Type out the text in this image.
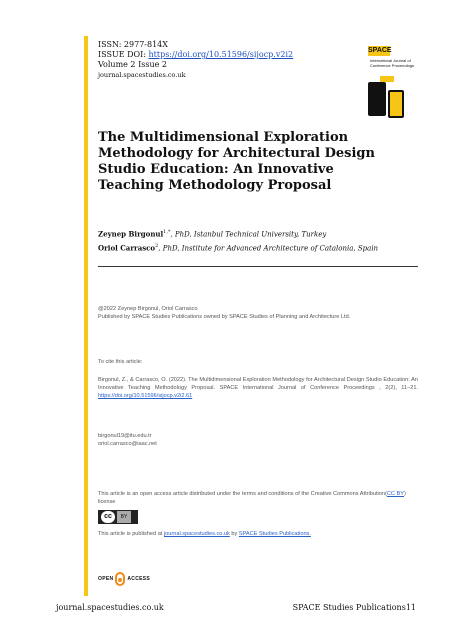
ISSN: 2977-814X
ISSUE DOI: https://doi.org/10.51596/sijocp.v2i2
Volume 2 Issue 2
journal.spacestudies.co.uk
SPACE
International Journal of Conference Proceedings
The Multidimensional Exploration Methodology for Architectural Design Studio Education: An Innovative Teaching Methodology Proposal
Zeynep Birgonul$^{1,*}$, PhD, Istanbul Technical University, Turkey
Oriol Carrasco$^2$, PhD, Institute for Advanced Architecture of Catalonia, Spain
@2022 Zeynep Birgonul, Oriol Carrasco
Published by SPACE Studies Publications owned by SPACE Studies of Planning and Architecture Ltd.
To cite this article:
Birgonul, Z., & Carrasco, O. (2022). The Multidimensional Exploration Methodology for Architectural Design Studio Education: An Innovative Teaching Methodology Proposal. SPACE International Journal of Conference Proceedings , 2(2), 11–21. https://doi.org/10.51596/sijocp.v2i2.61
birgonul19@itu.edu.tr
oriol.carrasco@iaac.net
This article is an open access article distributed under the terms and conditions of the Creative Commons Attribution(CC BY) license
cc	BY
This article is published at journal.spacestudies.co.uk by SPACE Studies Publications.
OPEN	ACCESS
journal.spacestudies.co.uk	SPACE Studies Publications11
